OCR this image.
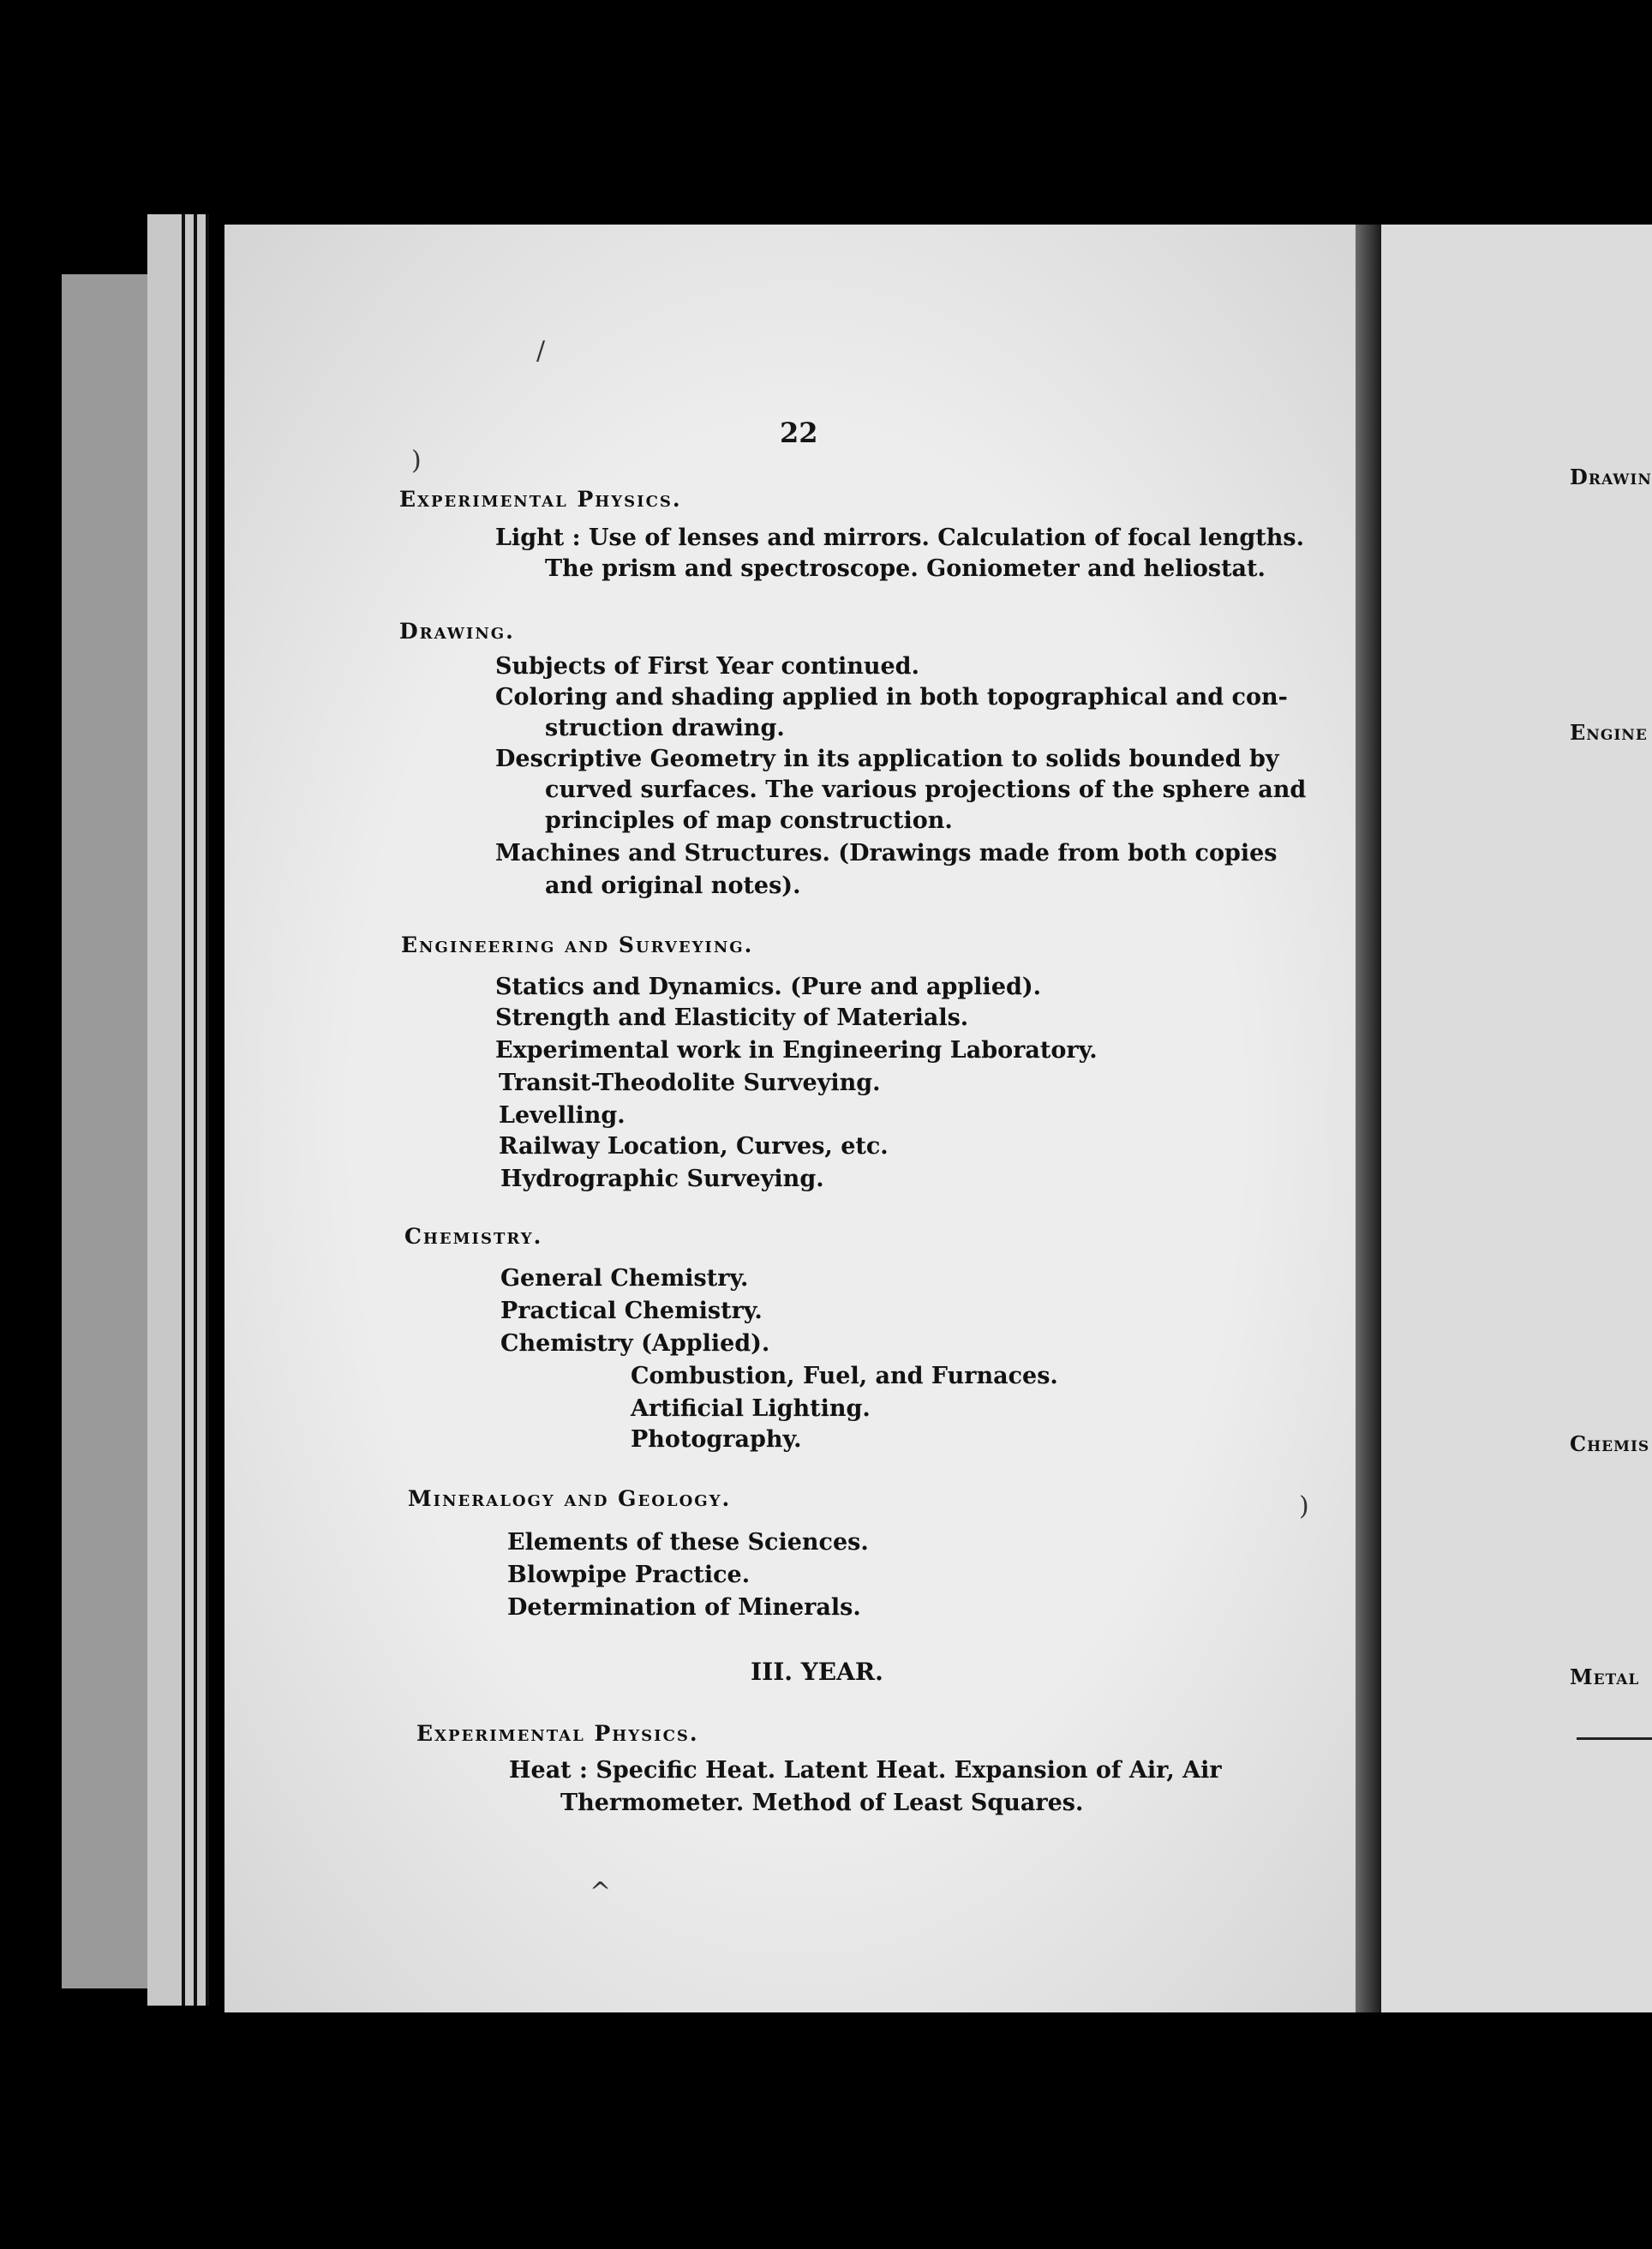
Drawin
Engine
Chemis
Metal
22
Experimental Physics.
Light : Use of lenses and mirrors. Calculation of focal lengths.
The prism and spectroscope. Goniometer and heliostat.
Drawing.
Subjects of First Year continued.
Coloring and shading applied in both topographical and con-
struction drawing.
Descriptive Geometry in its application to solids bounded by
curved surfaces. The various projections of the sphere and
principles of map construction.
Machines and Structures. (Drawings made from both copies
and original notes).
Engineering and Surveying.
Statics and Dynamics. (Pure and applied).
Strength and Elasticity of Materials.
Experimental work in Engineering Laboratory.
Transit-Theodolite Surveying.
Levelling.
Railway Location, Curves, etc.
Hydrographic Surveying.
Chemistry.
General Chemistry.
Practical Chemistry.
Chemistry (Applied).
Combustion, Fuel, and Furnaces.
Artificial Lighting.
Photography.
Mineralogy and Geology.
Elements of these Sciences.
Blowpipe Practice.
Determination of Minerals.
III. YEAR.
Experimental Physics.
Heat : Specific Heat. Latent Heat. Expansion of Air, Air
Thermometer. Method of Least Squares.
/
)
^
)
